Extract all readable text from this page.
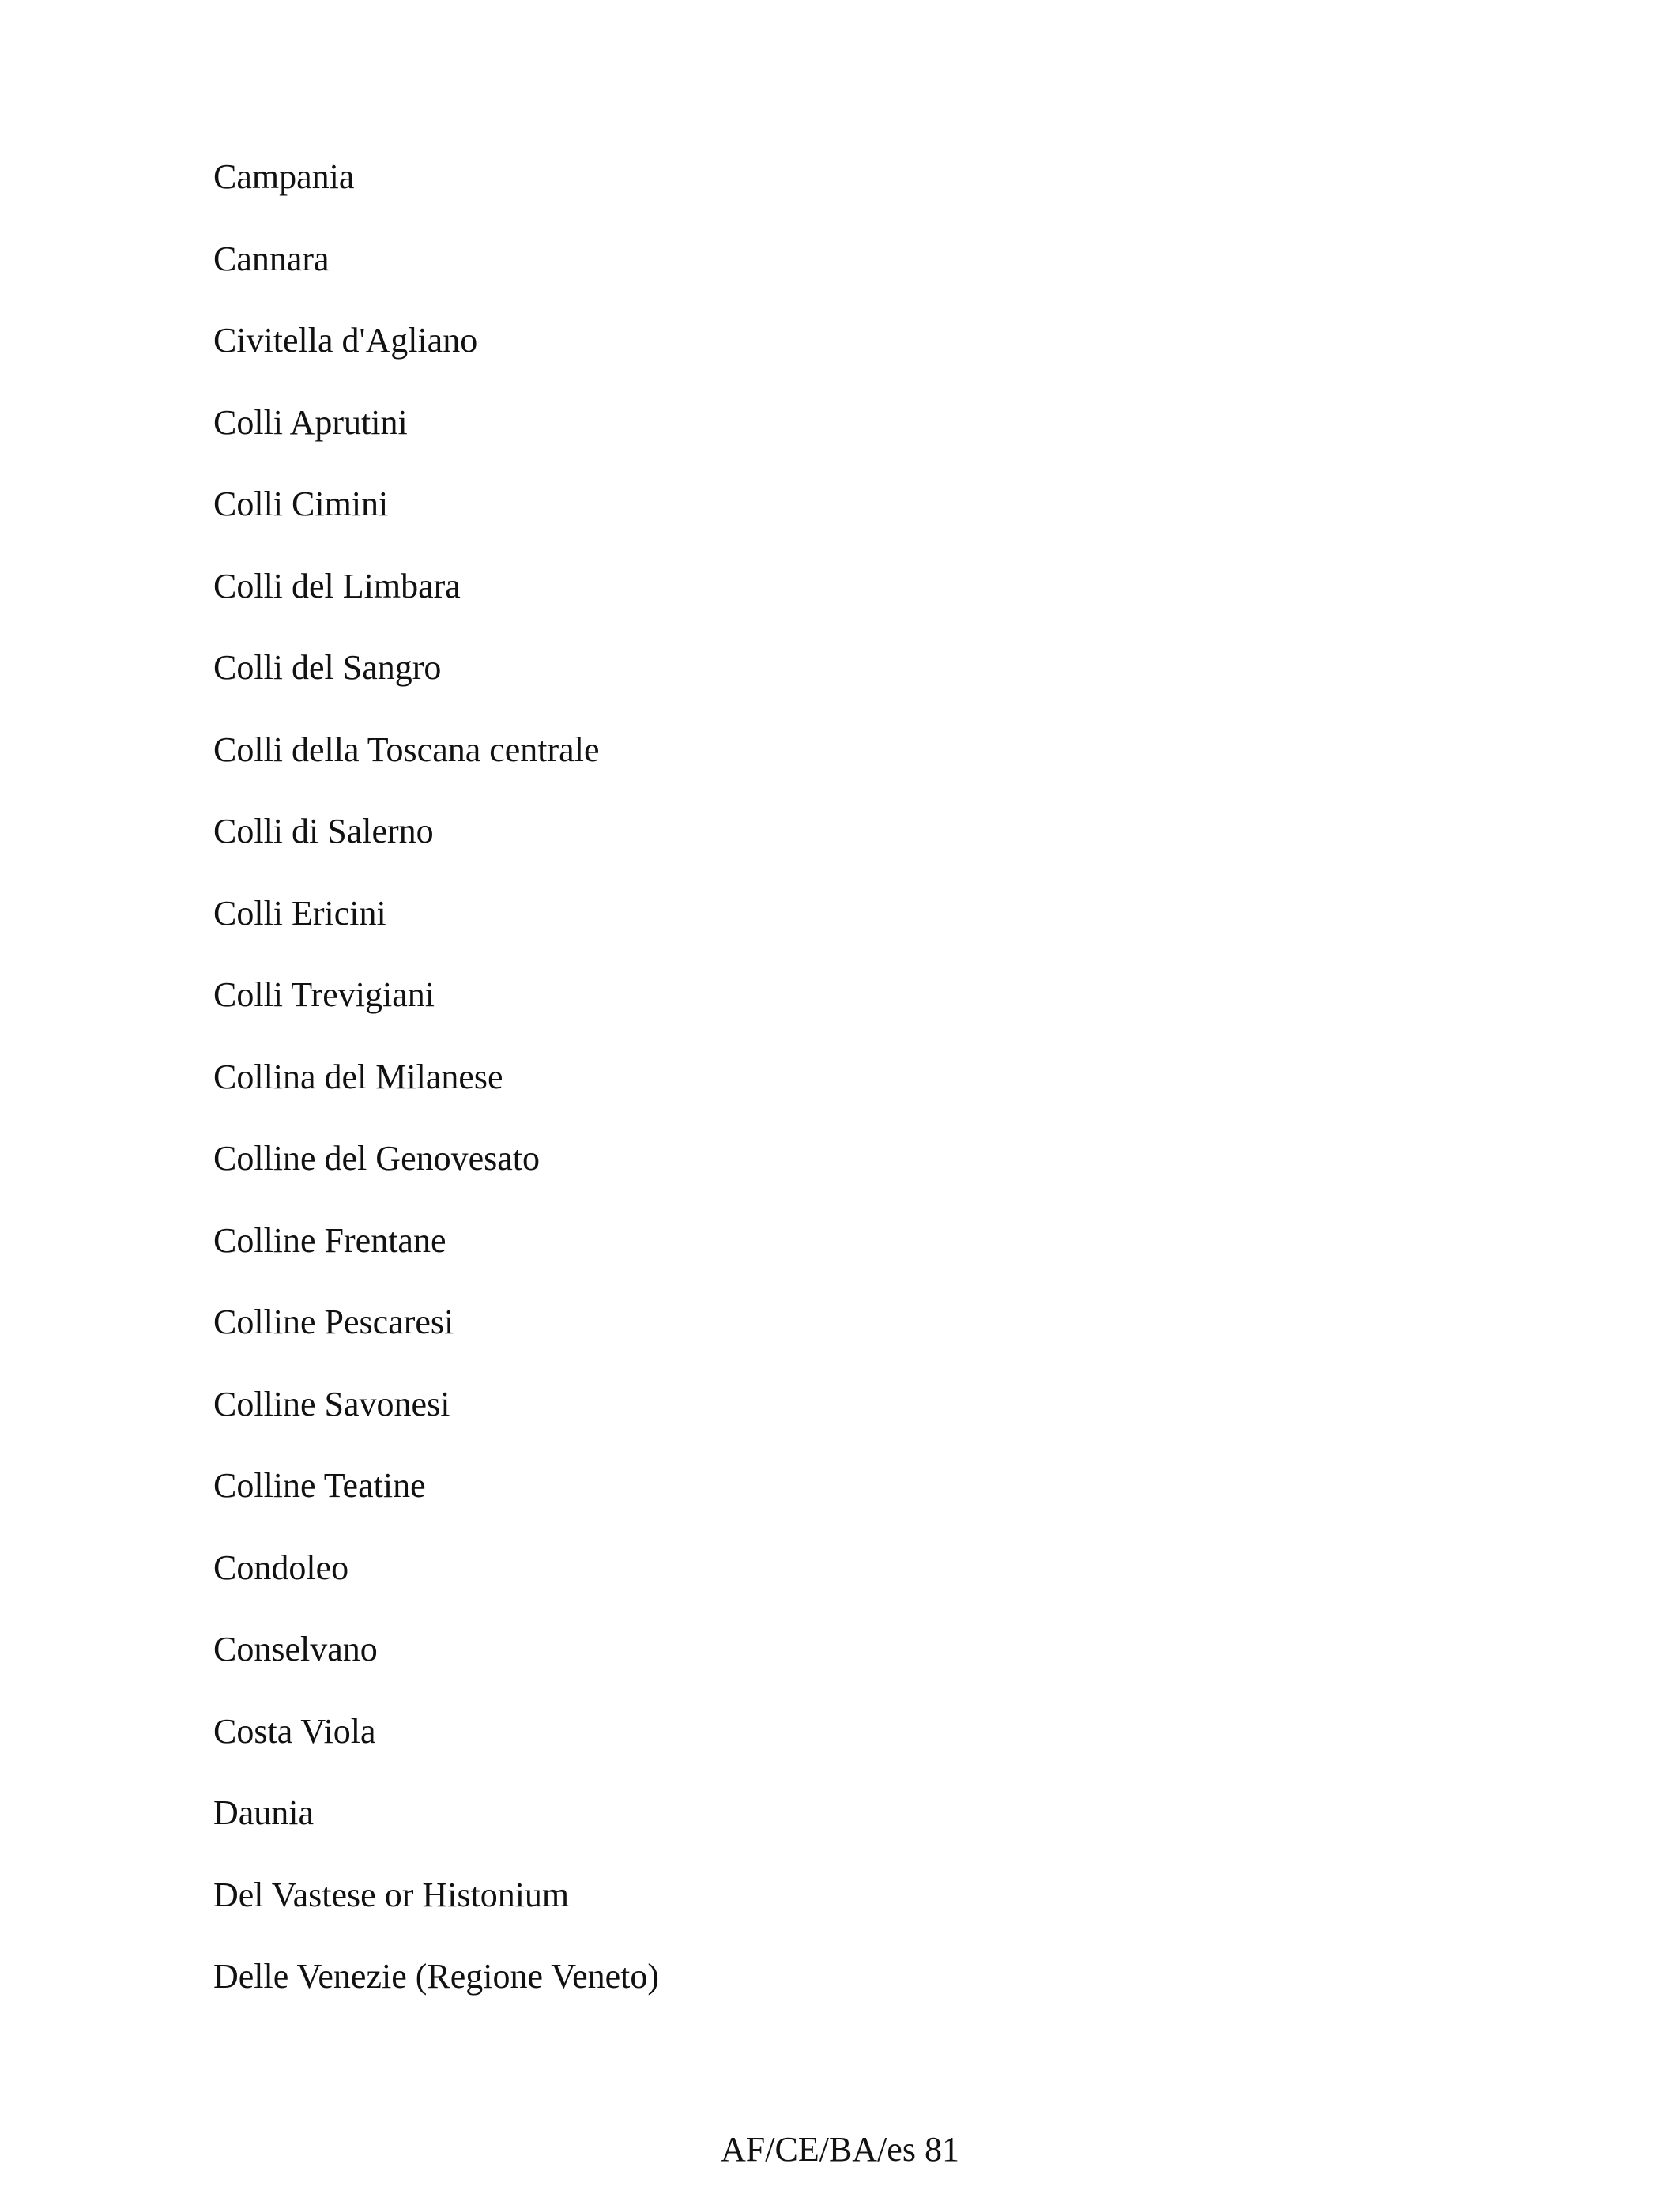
Campania
Cannara
Civitella d'Agliano
Colli Aprutini
Colli Cimini
Colli del Limbara
Colli del Sangro
Colli della Toscana centrale
Colli di Salerno
Colli Ericini
Colli Trevigiani
Collina del Milanese
Colline del Genovesato
Colline Frentane
Colline Pescaresi
Colline Savonesi
Colline Teatine
Condoleo
Conselvano
Costa Viola
Daunia
Del Vastese or Histonium
Delle Venezie (Regione Veneto)
AF/CE/BA/es 81
